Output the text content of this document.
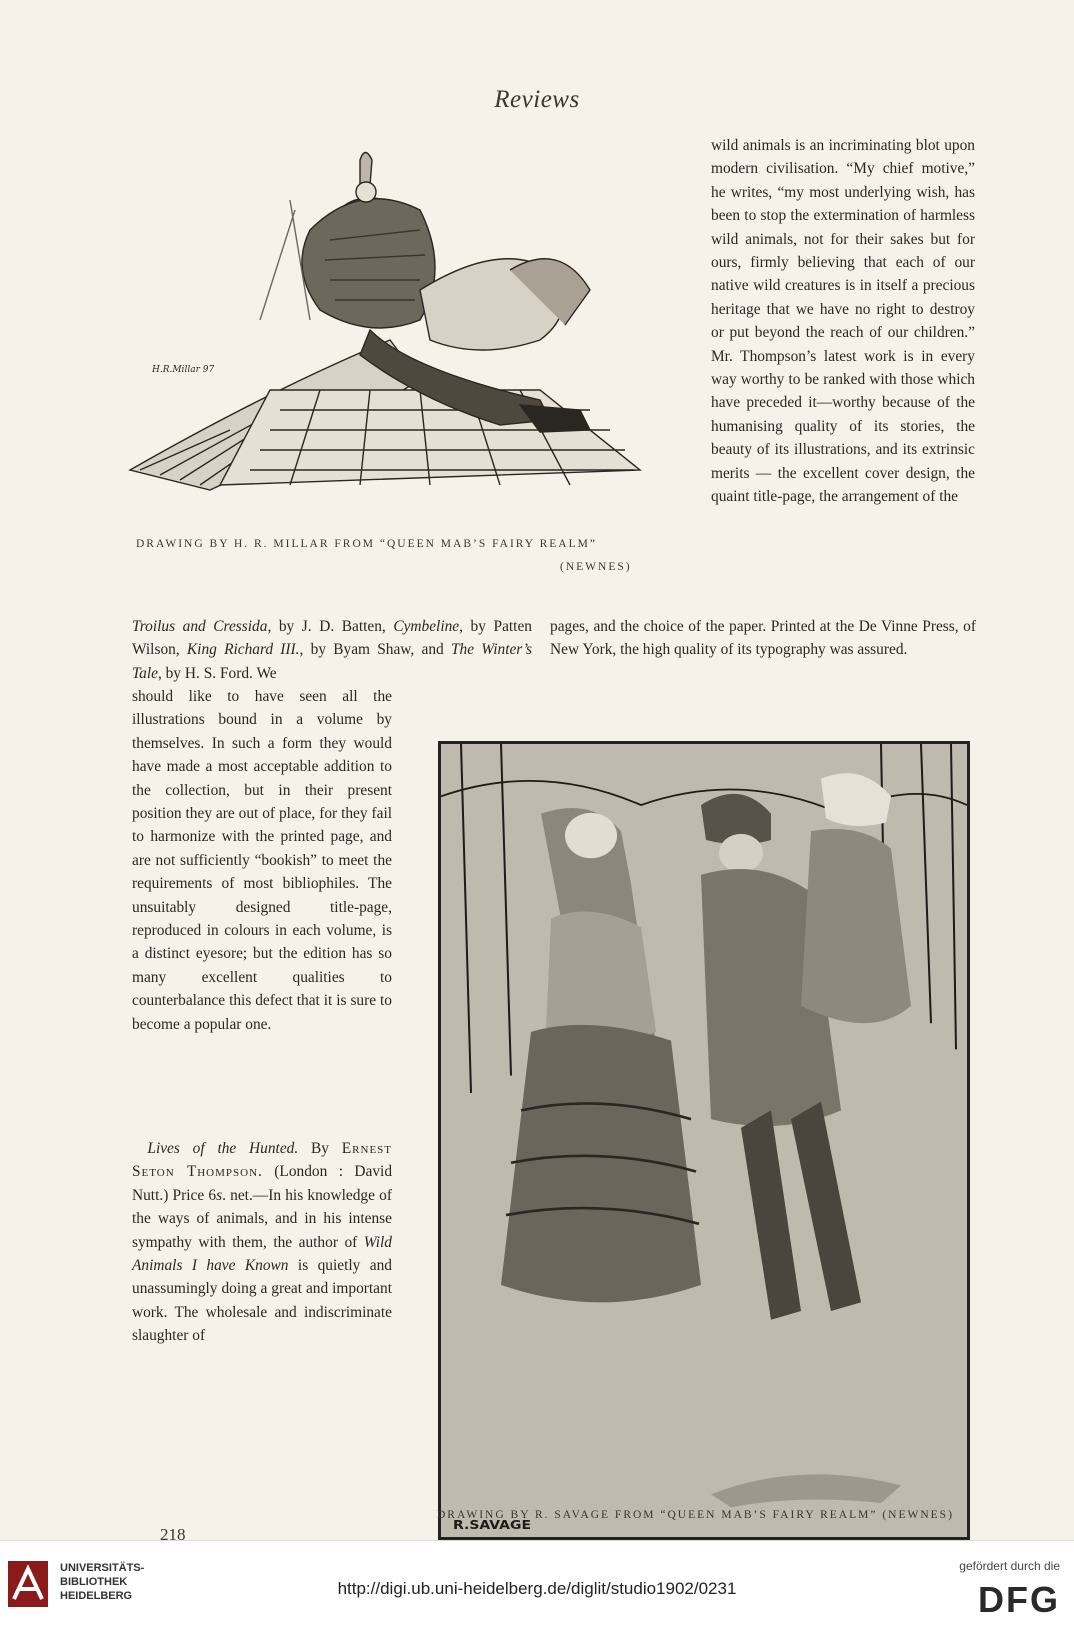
Reviews
H.R.Millar 97
DRAWING BY H. R. MILLAR FROM “QUEEN MAB’S FAIRY REALM”
(NEWNES)

wild animals is an incriminating blot upon modern civilisation. “My chief motive,” he writes, “my most underlying wish, has been to stop the extermination of harmless wild animals, not for their sakes but for ours, firmly believing that each of our native wild creatures is in itself a precious heritage that we have no right to destroy or put beyond the reach of our children.” Mr. Thompson’s latest work is in every way worthy to be ranked with those which have preceded it—worthy because of the humanising quality of its stories, the beauty of its illustrations, and its extrinsic merits — the excellent cover design, the quaint title-page, the arrangement of the

Troilus and Cressida, by J. D. Batten, Cymbeline, by Patten Wilson, King Richard III., by Byam Shaw, and The Winter’s Tale, by H. S. Ford. We
pages, and the choice of the paper. Printed at the De Vinne Press, of New York, the high quality of its typography was assured.
should like to have seen all the illustrations bound in a volume by themselves. In such a form they would have made a most acceptable addition to the collection, but in their present position they are out of place, for they fail to harmonize with the printed page, and are not sufficiently “bookish” to meet the requirements of most bibliophiles. The unsuitably designed title-page, reproduced in colours in each volume, is a distinct eyesore; but the edition has so many excellent qualities to counterbalance this defect that it is sure to become a popular one.

 Lives of the Hunted. By Ernest Seton Thompson. (London : David Nutt.) Price 6s. net.—In his knowledge of the ways of animals, and in his intense sympathy with them, the author of Wild Animals I have Known is quietly and unassumingly doing a great and important work. The wholesale and indiscriminate slaughter of

R.SAVAGE
UNIVERSITÄTS-
BIBLIOTHEK
HEIDELBERG	http://digi.ub.uni-heidelberg.de/diglit/studio1902/0231
gefördert durch die
DFG
DRAWING BY R. SAVAGE FROM “QUEEN MAB’S FAIRY REALM” (NEWNES)
218
